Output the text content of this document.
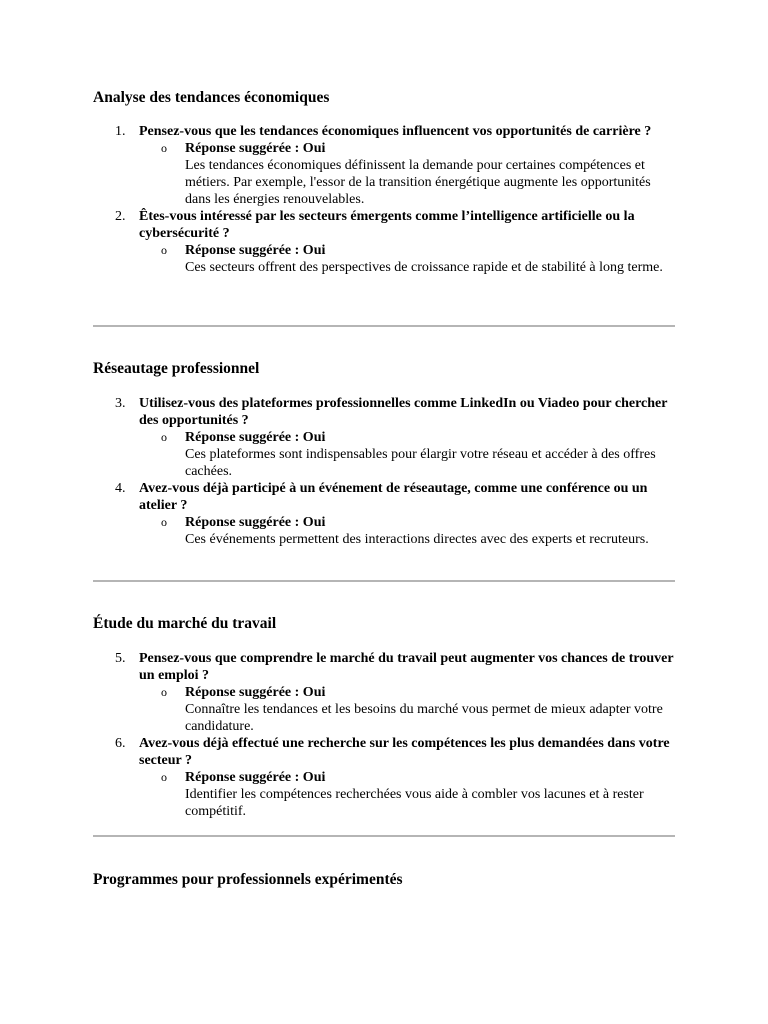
Analyse des tendances économiques
1. Pensez-vous que les tendances économiques influencent vos opportunités de carrière ?
o Réponse suggérée : Oui
Les tendances économiques définissent la demande pour certaines compétences et métiers. Par exemple, l'essor de la transition énergétique augmente les opportunités dans les énergies renouvelables.
2. Êtes-vous intéressé par les secteurs émergents comme l’intelligence artificielle ou la cybersécurité ?
o Réponse suggérée : Oui
Ces secteurs offrent des perspectives de croissance rapide et de stabilité à long terme.
Réseautage professionnel
3. Utilisez-vous des plateformes professionnelles comme LinkedIn ou Viadeo pour chercher des opportunités ?
o Réponse suggérée : Oui
Ces plateformes sont indispensables pour élargir votre réseau et accéder à des offres cachées.
4. Avez-vous déjà participé à un événement de réseautage, comme une conférence ou un atelier ?
o Réponse suggérée : Oui
Ces événements permettent des interactions directes avec des experts et recruteurs.
Étude du marché du travail
5. Pensez-vous que comprendre le marché du travail peut augmenter vos chances de trouver un emploi ?
o Réponse suggérée : Oui
Connaître les tendances et les besoins du marché vous permet de mieux adapter votre candidature.
6. Avez-vous déjà effectué une recherche sur les compétences les plus demandées dans votre secteur ?
o Réponse suggérée : Oui
Identifier les compétences recherchées vous aide à combler vos lacunes et à rester compétitif.
Programmes pour professionnels expérimentés
